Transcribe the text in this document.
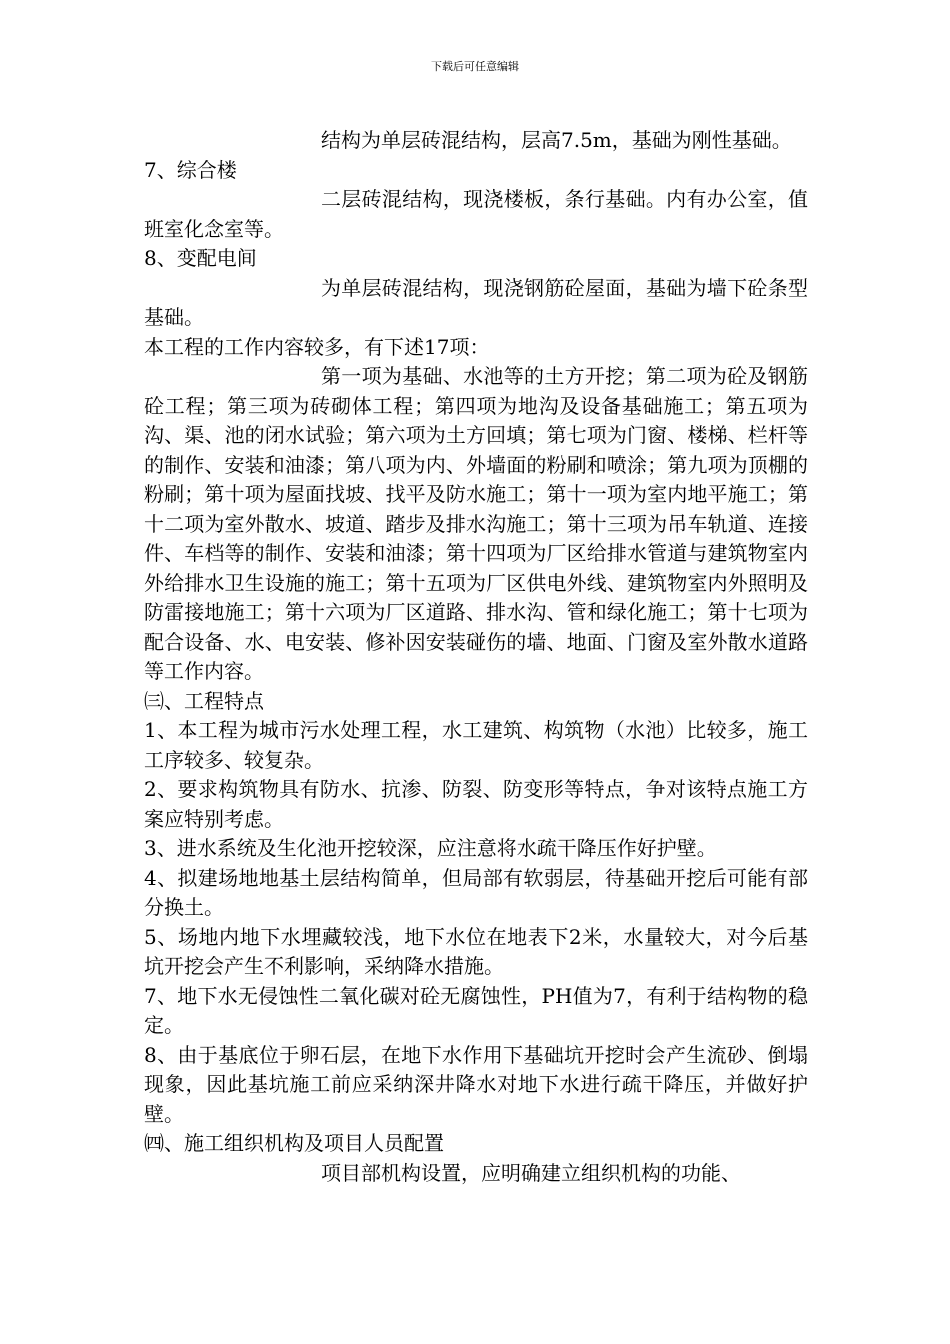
下载后可任意编辑

结构为单层砖混结构，层高7.5m，基础为刚性基础。

7、综合楼

二层砖混结构，现浇楼板，条行基础。内有办公室，值班室化念室等。

8、变配电间

为单层砖混结构，现浇钢筋砼屋面，基础为墙下砼条型基础。

本工程的工作内容较多，有下述17项：

第一项为基础、水池等的土方开挖；第二项为砼及钢筋砼工程；第三项为砖砌体工程；第四项为地沟及设备基础施工；第五项为沟、渠、池的闭水试验；第六项为土方回填；第七项为门窗、楼梯、栏杆等的制作、安装和油漆；第八项为内、外墙面的粉刷和喷涂；第九项为顶棚的粉刷；第十项为屋面找坡、找平及防水施工；第十一项为室内地平施工；第十二项为室外散水、坡道、踏步及排水沟施工；第十三项为吊车轨道、连接件、车档等的制作、安装和油漆；第十四项为厂区给排水管道与建筑物室内外给排水卫生设施的施工；第十五项为厂区供电外线、建筑物室内外照明及防雷接地施工；第十六项为厂区道路、排水沟、管和绿化施工；第十七项为配合设备、水、电安装、修补因安装碰伤的墙、地面、门窗及室外散水道路等工作内容。

㈢、工程特点

1、本工程为城市污水处理工程，水工建筑、构筑物（水池）比较多，施工工序较多、较复杂。

2、要求构筑物具有防水、抗渗、防裂、防变形等特点，争对该特点施工方案应特别考虑。

3、进水系统及生化池开挖较深，应注意将水疏干降压作好护壁。

4、拟建场地地基土层结构简单，但局部有软弱层，待基础开挖后可能有部分换土。

5、场地内地下水埋藏较浅，地下水位在地表下2米，水量较大，对今后基坑开挖会产生不利影响，采纳降水措施。

7、地下水无侵蚀性二氧化碳对砼无腐蚀性，PH值为7，有利于结构物的稳定。

8、由于基底位于卵石层，在地下水作用下基础坑开挖时会产生流砂、倒塌现象，因此基坑施工前应采纳深井降水对地下水进行疏干降压，并做好护壁。

㈣、施工组织机构及项目人员配置

项目部机构设置，应明确建立组织机构的功能、
